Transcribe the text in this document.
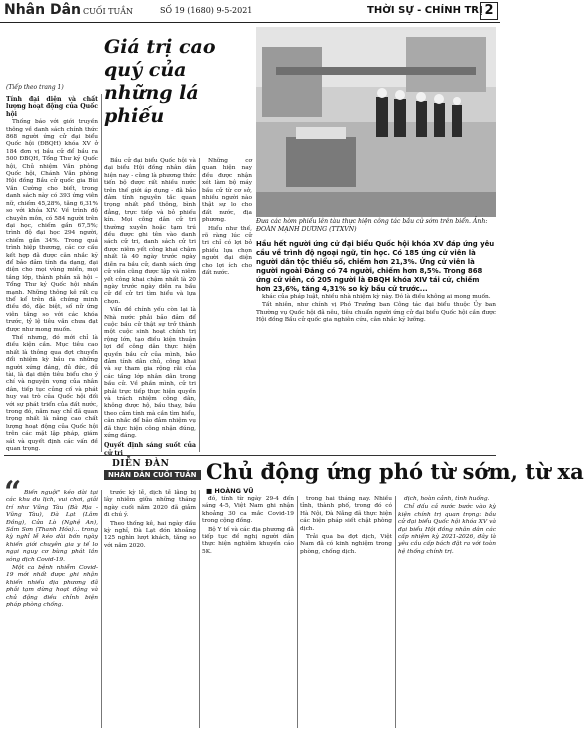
Nhân Dân CUỐI TUẦN	SỐ 19 (1680) 9-5-2021	THỜI SỰ - CHÍNH TRỊ 2
Giá trị cao quý của những lá phiếu
Đưa các hòm phiếu lên tàu thực hiện công tác bầu cử sớm trên biển. Ảnh: ĐOÀN MẠNH DƯƠNG (TTXVN)
Hầu hết người ứng cử đại biểu Quốc hội khóa XV đáp ứng yêu cầu về trình độ ngoại ngữ, tin học. Có 185 ứng cử viên là người dân tộc thiểu số, chiếm hơn 21,3%. Ứng cử viên là người ngoài Đảng có 74 người, chiếm hơn 8,5%. Trong 868 ứng cử viên, có 205 người là ĐBQH khóa XIV tái cử, chiếm hơn 23,6%, tăng 4,31% so kỳ bầu cử trước...
(Tiếp theo trang 1)

Tính đại diện và chất lượng hoạt động của Quốc hội

Thống báo với giới truyền thông về danh sách chính thức 868 người ứng cử đại biểu Quốc hội (ĐBQH) khóa XV ở 184 đơn vị bầu cử để bầu ra 500 ĐBQH, Tổng Thư ký Quốc hội, Chủ nhiệm Văn phòng Quốc hội, Chánh Văn phòng Hội đồng Bầu cử quốc gia Bùi Văn Cường cho biết, trong danh sách này có 393 ứng viên nữ, chiếm 45,28%, tăng 6,31% so với khóa XIV. Về trình độ chuyên môn, có 584 người trên đại học, chiếm gần 67,5%; trình độ đại học 294 người, chiếm gần 34%. Trong quá trình hiệp thương, các cơ cấu kết hợp đã được cân nhắc kỹ để bảo đảm tính đa dạng, đại diện cho mọi vùng miền, mọi tầng lớp, thành phần xã hội – Tổng Thư ký Quốc hội nhấn mạnh. Những thông kê rất cụ thể kể trên đã chứng minh điều đó, đặc biệt, số nữ ứng viên tăng so với các khóa trước, tỷ lệ tiêu văn chưa đạt được như mong muốn.

Thế nhưng, đó mới chỉ là điều kiện cần. Mục tiêu cao nhất là thông qua đợt chuyển đổi nhiệm kỳ bầu ra những người xứng đáng, đủ đức, đủ tài, là đại diện tiêu biểu cho ý chí và nguyện vọng của nhân dân, tiếp tục củng cố và phát huy vai trò của Quốc hội đối với sự phát triển của đất nước, trong đó, năm nay chỉ đã quan trọng nhất là nâng cao chất lượng hoạt động của Quốc hội trên các mặt lập pháp, giám sát và quyết định các vấn đề quan trọng.

Bầu cử đại biểu Quốc hội và đại biểu Hội đồng nhân dân hiện nay - cũng là phương thức tiến bộ được rất nhiều nước trên thế giới áp dụng - đã bảo đảm tính nguyên tắc quan trọng nhất phổ thông, bình đẳng, trực tiếp và bỏ phiếu kín. Mọi công dân cử tri thường xuyên hoặc tạm trú đều được ghi tên vào danh sách cử tri, danh sách cử tri được niêm yết công khai chậm nhất là 40 ngày trước ngày diễn ra bầu cử, danh sách ứng cử viên cũng được lập và niêm yết công khai chậm nhất là 20 ngày trước ngày diễn ra bầu cử để cử tri tìm hiểu và lựa chọn.

Vấn đề chính yếu còn lại là Nhà nước phải bảo đảm để cuộc bầu cử thật sự trở thành một cuộc sinh hoạt chính trị rộng lớn, tạo điều kiện thuận lợi để công dân thực hiện quyền bầu cử của mình, bảo đảm tính dân chủ, công khai và sự tham gia rộng rãi của các tầng lớp nhân dân trong bầu cử. Về phần mình, cử tri phải trực tiếp thực hiện quyền và trách nhiệm công dân, không được hộ, bầu thay, bầu theo cảm tính mà cần tìm hiểu, cân nhắc để bảo đảm nhiệm vụ đã thực hiện công nhận đúng, xứng đáng.

Quyết định sáng suốt của cử tri

Những cơ quan hiện nay đều được nhận xét làm bộ máy bầu cử từ cơ sở, nhiều người nào thật sự lo cho đất nước, địa phương.

Hiểu như thế, rõ ràng lúc cử tri chỉ có lợi bỏ phiếu lựa chọn người đại diện cho lợi ích cho đất nước.

khác của pháp luật, nhiều nhà nhiệm kỳ này. Đó là điều không ai mong muốn.

Tất nhiên, như chính vị Phó Trưởng ban Công tác đại biểu thuộc Ủy ban Thường vụ Quốc hội đã nêu, tiêu chuẩn người ứng cử đại biểu Quốc hội cần được Hội đồng Bầu cử quốc gia nghiên cứu, cân nhắc kỹ lưỡng.

DIỄN ĐÀN
NHÂN DÂN CUỐI TUẦN Chủ động ứng phó từ sớm, từ xa
■ HOÀNG VŨ
“ Biến nguội" kéo dài tại các khu du lịch, vui chơi, giải trí như Vũng Tàu (Bà Rịa - Vũng Tàu), Đà Lạt (Lâm Đồng), Cửa Lò (Nghệ An), Sầm Sơn (Thanh Hóa)... trong kỳ nghỉ lễ kéo dài bốn ngày khiến giới chuyên gia y tế lo ngại nguy cơ bùng phát lần sóng dịch Covid-19.

Một ca bệnh nhiễm Covid-19 mới nhất được ghi nhận khiến nhiều địa phương đã phải tạm dừng hoạt động và chủ động điều chỉnh biện pháp phòng chống.

trước kỳ lễ, dịch tễ lãng bị lây nhiễm giữa những tháng ngày cuối năm 2020 đã giảm đi chú ý.

Theo thống kê, hai ngày đầu kỳ nghỉ, Đà Lạt đón khoảng 125 nghìn lượt khách, tăng so với năm 2020.

đó, tính từ ngày 29-4 đến sáng 4-5, Việt Nam ghi nhận khoảng 30 ca mắc Covid-19 trong cộng đồng.

Bộ Y tế và các địa phương đã tiếp tục đề nghị người dân thực hiện nghiêm khuyến cáo 5K.

trong hai tháng nay. Nhiều tỉnh, thành phố, trong đó có Hà Nội, Đà Nẵng đã thực hiện các biện pháp siết chặt phòng dịch.

Trải qua ba đợt dịch, Việt Nam đã có kinh nghiệm trong phòng, chống dịch.

dịch, hoàn cảnh, tình huống.

Chỉ dấu cả nước bước vào kỳ kiện chính trị quan trọng: bầu cử đại biểu Quốc hội khóa XV và đại biểu Hội đồng nhân dân các cấp nhiệm kỳ 2021-2026, đây là yêu cầu cấp bách đặt ra với toàn hệ thống chính trị.
